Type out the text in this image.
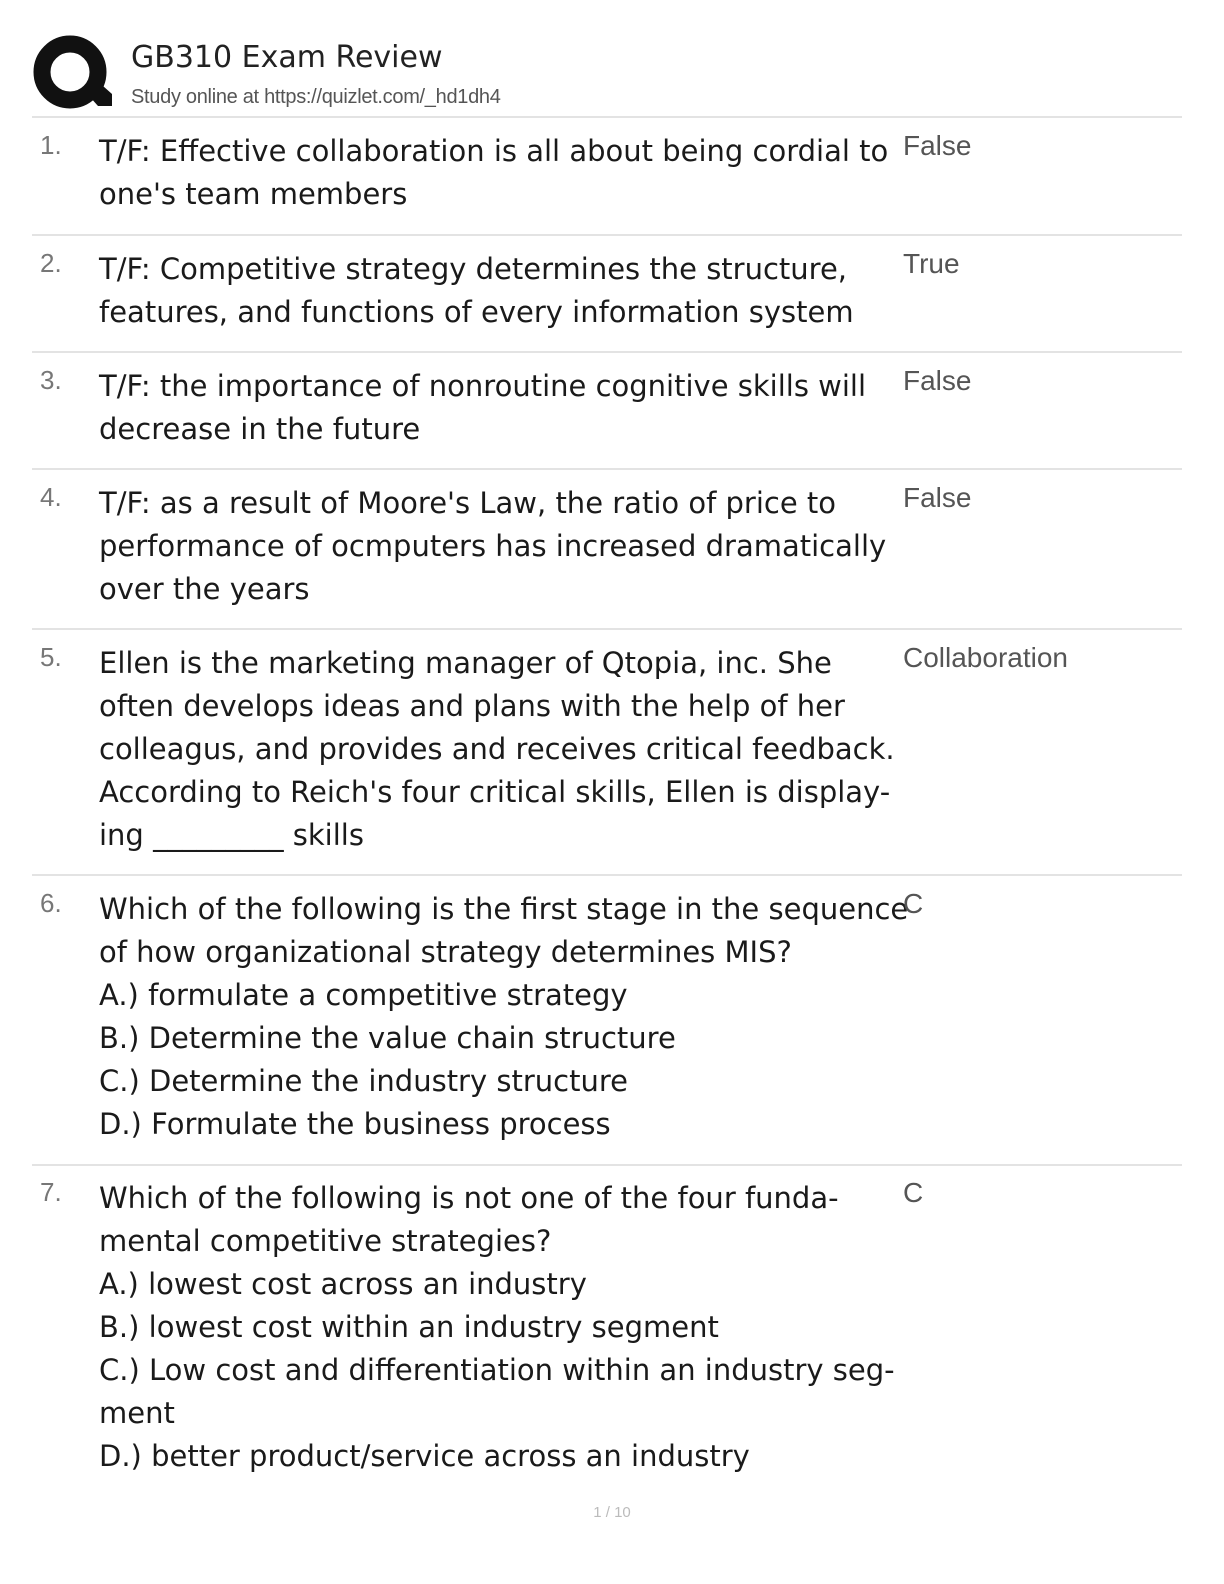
GB310 Exam Review
Study online at https://quizlet.com/_hd1dh4
1. T/F: Effective collaboration is all about being cordial to
one's team members
False
2. T/F: Competitive strategy determines the structure,
features, and functions of every information system
True
3. T/F: the importance of nonroutine cognitive skills will
decrease in the future
False
4. T/F: as a result of Moore's Law, the ratio of price to
performance of ocmputers has increased dramatically
over the years
False
5. Ellen is the marketing manager of Qtopia, inc. She
often develops ideas and plans with the help of her
colleagus, and provides and receives critical feedback.
According to Reich's four critical skills, Ellen is display-
ing _________ skills
Collaboration
6. Which of the following is the first stage in the sequence
of how organizational strategy determines MIS?
A.) formulate a competitive strategy
B.) Determine the value chain structure
C.) Determine the industry structure
D.) Formulate the business process
C
7. Which of the following is not one of the four funda-
mental competitive strategies?
A.) lowest cost across an industry
B.) lowest cost within an industry segment
C.) Low cost and differentiation within an industry seg-
ment
D.) better product/service across an industry
C
1 / 10
